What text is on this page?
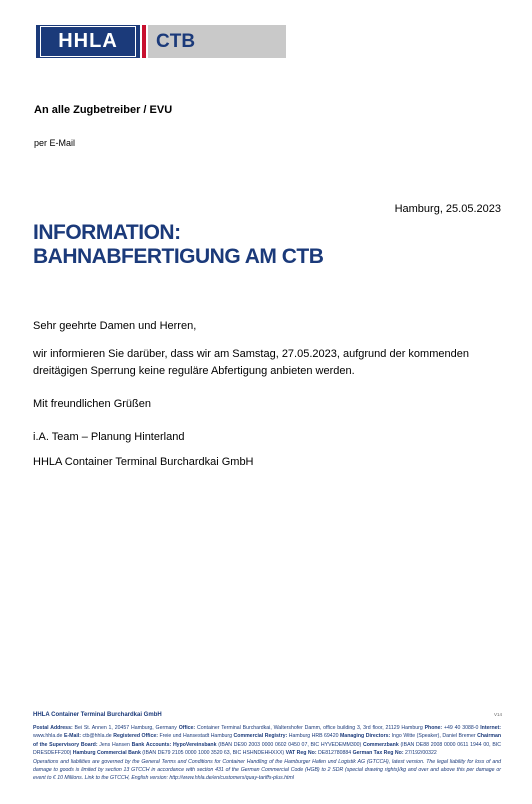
HHLA	CTB
An alle Zugbetreiber / EVU
per E-Mail
Hamburg, 25.05.2023
INFORMATION:
BAHNABFERTIGUNG AM CTB
Sehr geehrte Damen und Herren,
wir informieren Sie darüber, dass wir am Samstag, 27.05.2023, aufgrund der kommenden dreitägigen Sperrung keine reguläre Abfertigung anbieten werden.
Mit freundlichen Grüßen
i.A. Team – Planung Hinterland
HHLA Container Terminal Burchardkai GmbH
HHLA Container Terminal Burchardkai GmbH	V14
Postal Address: Bei St. Annen 1, 20457 Hamburg, Germany Office: Container Terminal Burchardkai, Waltershofer Damm, office building 3, 3rd floor, 21129 Hamburg Phone: +49 40 3088-0 Internet: www.hhla.de E-Mail: ctb@hhla.de Registered Office: Freie und Hansestadt Hamburg Commercial Registry: Hamburg HRB 69420 Managing Directors: Ingo Witte (Speaker), Daniel Bremer Chairman of the Supervisory Board: Jens Hansen Bank Accounts: HypoVereinsbank (IBAN DE90 2003 0000 0602 0450 07, BIC HYVEDEMM300) Commerzbank (IBAN DE88 2008 0000 0611 1944 00, BIC DRESDEFF200) Hamburg Commercial Bank (IBAN DE79 2105 0000 1000 3520 63, BIC HSHNDEHHXXX) VAT Reg No: DE812780884 German Tax Reg No: 27/192/00322
Operations and liabilities are governed by the General Terms and Conditions for Container Handling of the Hamburger Hafen und Logistik AG (GTCCH), latest version. The legal liability for loss of and damage to goods is limited by section 13 GTCCH in accordance with section 431 of the German Commercial Code (HGB) to 2 SDR (special drawing rights)/kg and over and above this per damage or event to € 10 Millions. Link to the GTCCH, English version: http://www.hhla.de/en/customers/quay-tariffs-plus.html
